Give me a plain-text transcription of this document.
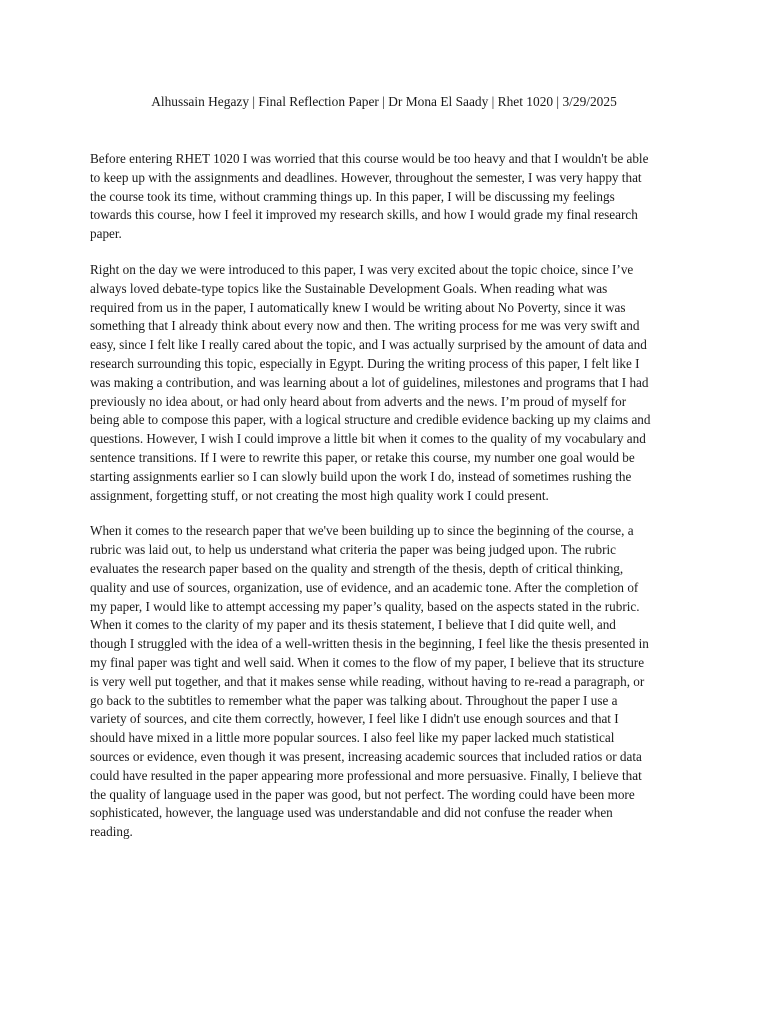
Alhussain Hegazy | Final Reflection Paper | Dr Mona El Saady | Rhet 1020 | 3/29/2025

Before entering RHET 1020 I was worried that this course would be too heavy and that I wouldn't be able
to keep up with the assignments and deadlines. However, throughout the semester, I was very happy that
the course took its time, without cramming things up. In this paper, I will be discussing my feelings
towards this course, how I feel it improved my research skills, and how I would grade my final research
paper.

Right on the day we were introduced to this paper, I was very excited about the topic choice, since I’ve
always loved debate-type topics like the Sustainable Development Goals. When reading what was
required from us in the paper, I automatically knew I would be writing about No Poverty, since it was
something that I already think about every now and then. The writing process for me was very swift and
easy, since I felt like I really cared about the topic, and I was actually surprised by the amount of data and
research surrounding this topic, especially in Egypt. During the writing process of this paper, I felt like I
was making a contribution, and was learning about a lot of guidelines, milestones and programs that I had
previously no idea about, or had only heard about from adverts and the news. I’m proud of myself for
being able to compose this paper, with a logical structure and credible evidence backing up my claims and
questions. However, I wish I could improve a little bit when it comes to the quality of my vocabulary and
sentence transitions. If I were to rewrite this paper, or retake this course, my number one goal would be
starting assignments earlier so I can slowly build upon the work I do, instead of sometimes rushing the
assignment, forgetting stuff, or not creating the most high quality work I could present.

When it comes to the research paper that we've been building up to since the beginning of the course, a
rubric was laid out, to help us understand what criteria the paper was being judged upon. The rubric
evaluates the research paper based on the quality and strength of the thesis, depth of critical thinking,
quality and use of sources, organization, use of evidence, and an academic tone. After the completion of
my paper, I would like to attempt accessing my paper’s quality, based on the aspects stated in the rubric.
When it comes to the clarity of my paper and its thesis statement, I believe that I did quite well, and
though I struggled with the idea of a well-written thesis in the beginning, I feel like the thesis presented in
my final paper was tight and well said. When it comes to the flow of my paper, I believe that its structure
is very well put together, and that it makes sense while reading, without having to re-read a paragraph, or
go back to the subtitles to remember what the paper was talking about. Throughout the paper I use a
variety of sources, and cite them correctly, however, I feel like I didn't use enough sources and that I
should have mixed in a little more popular sources. I also feel like my paper lacked much statistical
sources or evidence, even though it was present, increasing academic sources that included ratios or data
could have resulted in the paper appearing more professional and more persuasive. Finally, I believe that
the quality of language used in the paper was good, but not perfect. The wording could have been more
sophisticated, however, the language used was understandable and did not confuse the reader when
reading.
